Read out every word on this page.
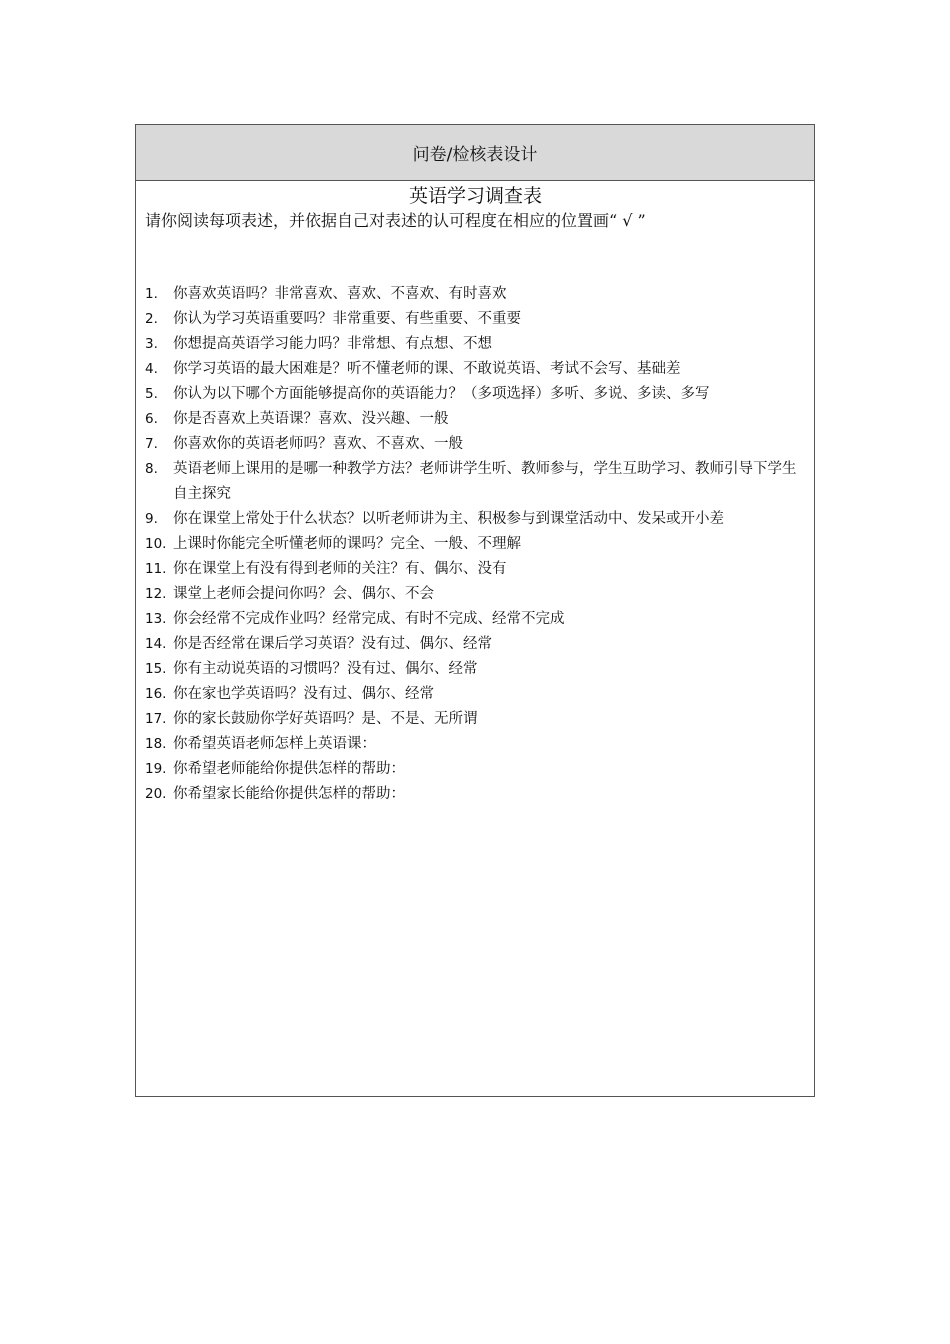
问卷/检核表设计
英语学习调查表
请你阅读每项表述，并依据自己对表述的认可程度在相应的位置画“ √ ”
1.	你喜欢英语吗？非常喜欢、喜欢、不喜欢、有时喜欢
2.	你认为学习英语重要吗？非常重要、有些重要、不重要
3.	你想提高英语学习能力吗？非常想、有点想、不想
4.	你学习英语的最大困难是？听不懂老师的课、不敢说英语、考试不会写、基础差
5.	你认为以下哪个方面能够提高你的英语能力？（多项选择）多听、多说、多读、多写
6.	你是否喜欢上英语课？喜欢、没兴趣、一般
7.	你喜欢你的英语老师吗？喜欢、不喜欢、一般
8.	英语老师上课用的是哪一种教学方法？老师讲学生听、教师参与，学生互助学习、教师引导下学生自主探究
9.	你在课堂上常处于什么状态？以听老师讲为主、积极参与到课堂活动中、发呆或开小差
10. 上课时你能完全听懂老师的课吗？完全、一般、不理解
11. 你在课堂上有没有得到老师的关注？有、偶尔、没有
12. 课堂上老师会提问你吗？会、偶尔、不会
13. 你会经常不完成作业吗？经常完成、有时不完成、经常不完成
14. 你是否经常在课后学习英语？没有过、偶尔、经常
15. 你有主动说英语的习惯吗？没有过、偶尔、经常
16. 你在家也学英语吗？没有过、偶尔、经常
17. 你的家长鼓励你学好英语吗？是、不是、无所谓
18. 你希望英语老师怎样上英语课：
19. 你希望老师能给你提供怎样的帮助：
20. 你希望家长能给你提供怎样的帮助：
